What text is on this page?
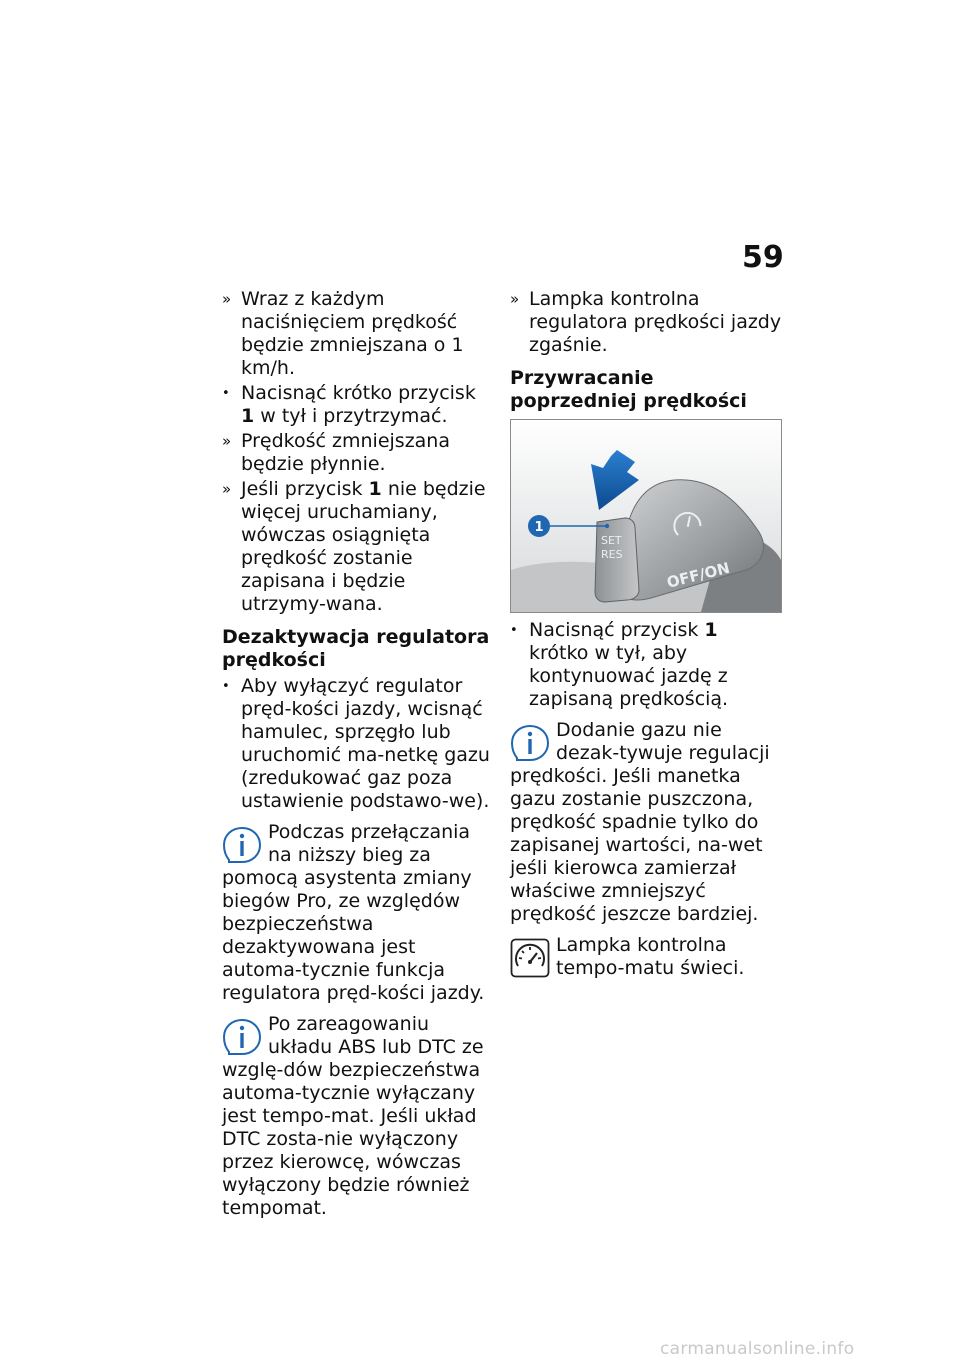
59
» Wraz z każdym naciśnięciem prędkość będzie zmniejszana o 1 km/h.
• Nacisnąć krótko przycisk 1 w tył i przytrzymać.
» Prędkość zmniejszana będzie płynnie.
» Jeśli przycisk 1 nie będzie więcej uruchamiany, wówczas osiągnięta prędkość zostanie zapisana i będzie utrzymy-wana.
Dezaktywacja regulatora prędkości
• Aby wyłączyć regulator pręd-kości jazdy, wcisnąć hamulec, sprzęgło lub uruchomić ma-netkę gazu (zredukować gaz poza ustawienie podstawo-we).
Podczas przełączania na niższy bieg za pomocą asystenta zmiany biegów Pro, ze względów bezpieczeństwa dezaktywowana jest automa-tycznie funkcja regulatora pręd-kości jazdy.
Po zareagowaniu układu ABS lub DTC ze wzglę-dów bezpieczeństwa automa-tycznie wyłączany jest tempo-mat. Jeśli układ DTC zosta-nie wyłączony przez kierowcę, wówczas wyłączony będzie również tempomat.
» Lampka kontrolna regulatora prędkości jazdy zgaśnie.
Przywracanie poprzedniej prędkości
SET
RES
OFF/ON
1
• Nacisnąć przycisk 1 krótko w tył, aby kontynuować jazdę z zapisaną prędkością.
Dodanie gazu nie dezak-tywuje regulacji prędkości. Jeśli manetka gazu zostanie puszczona, prędkość spadnie tylko do zapisanej wartości, na-wet jeśli kierowca zamierzał właściwe zmniejszyć prędkość jeszcze bardziej.
Lampka kontrolna tempo-matu świeci.
carmanualsonline.info
